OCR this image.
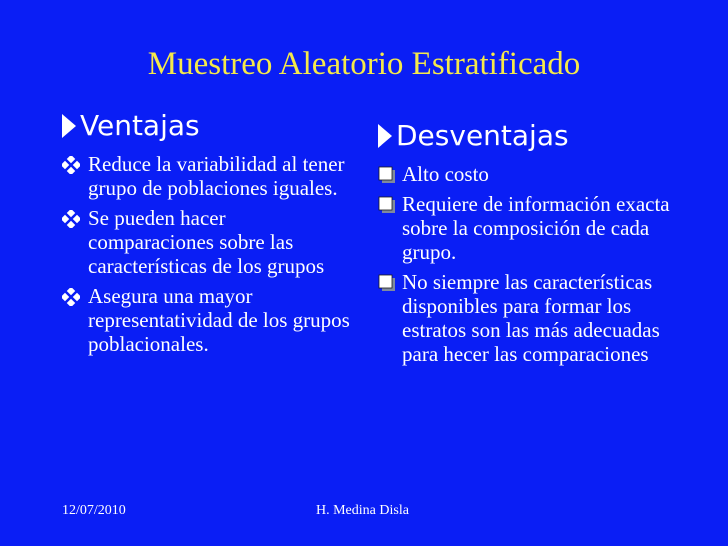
Muestreo Aleatorio Estratificado
Ventajas
Reduce la variabilidad al tener grupo de poblaciones iguales.
Se pueden hacer comparaciones sobre las características de los grupos
Asegura una mayor representatividad de los grupos poblacionales.
Desventajas
Alto costo
Requiere de información exacta sobre la composición de cada grupo.
No siempre las características disponibles para formar los estratos son las más adecuadas para hecer las comparaciones
12/07/2010	H. Medina Disla
